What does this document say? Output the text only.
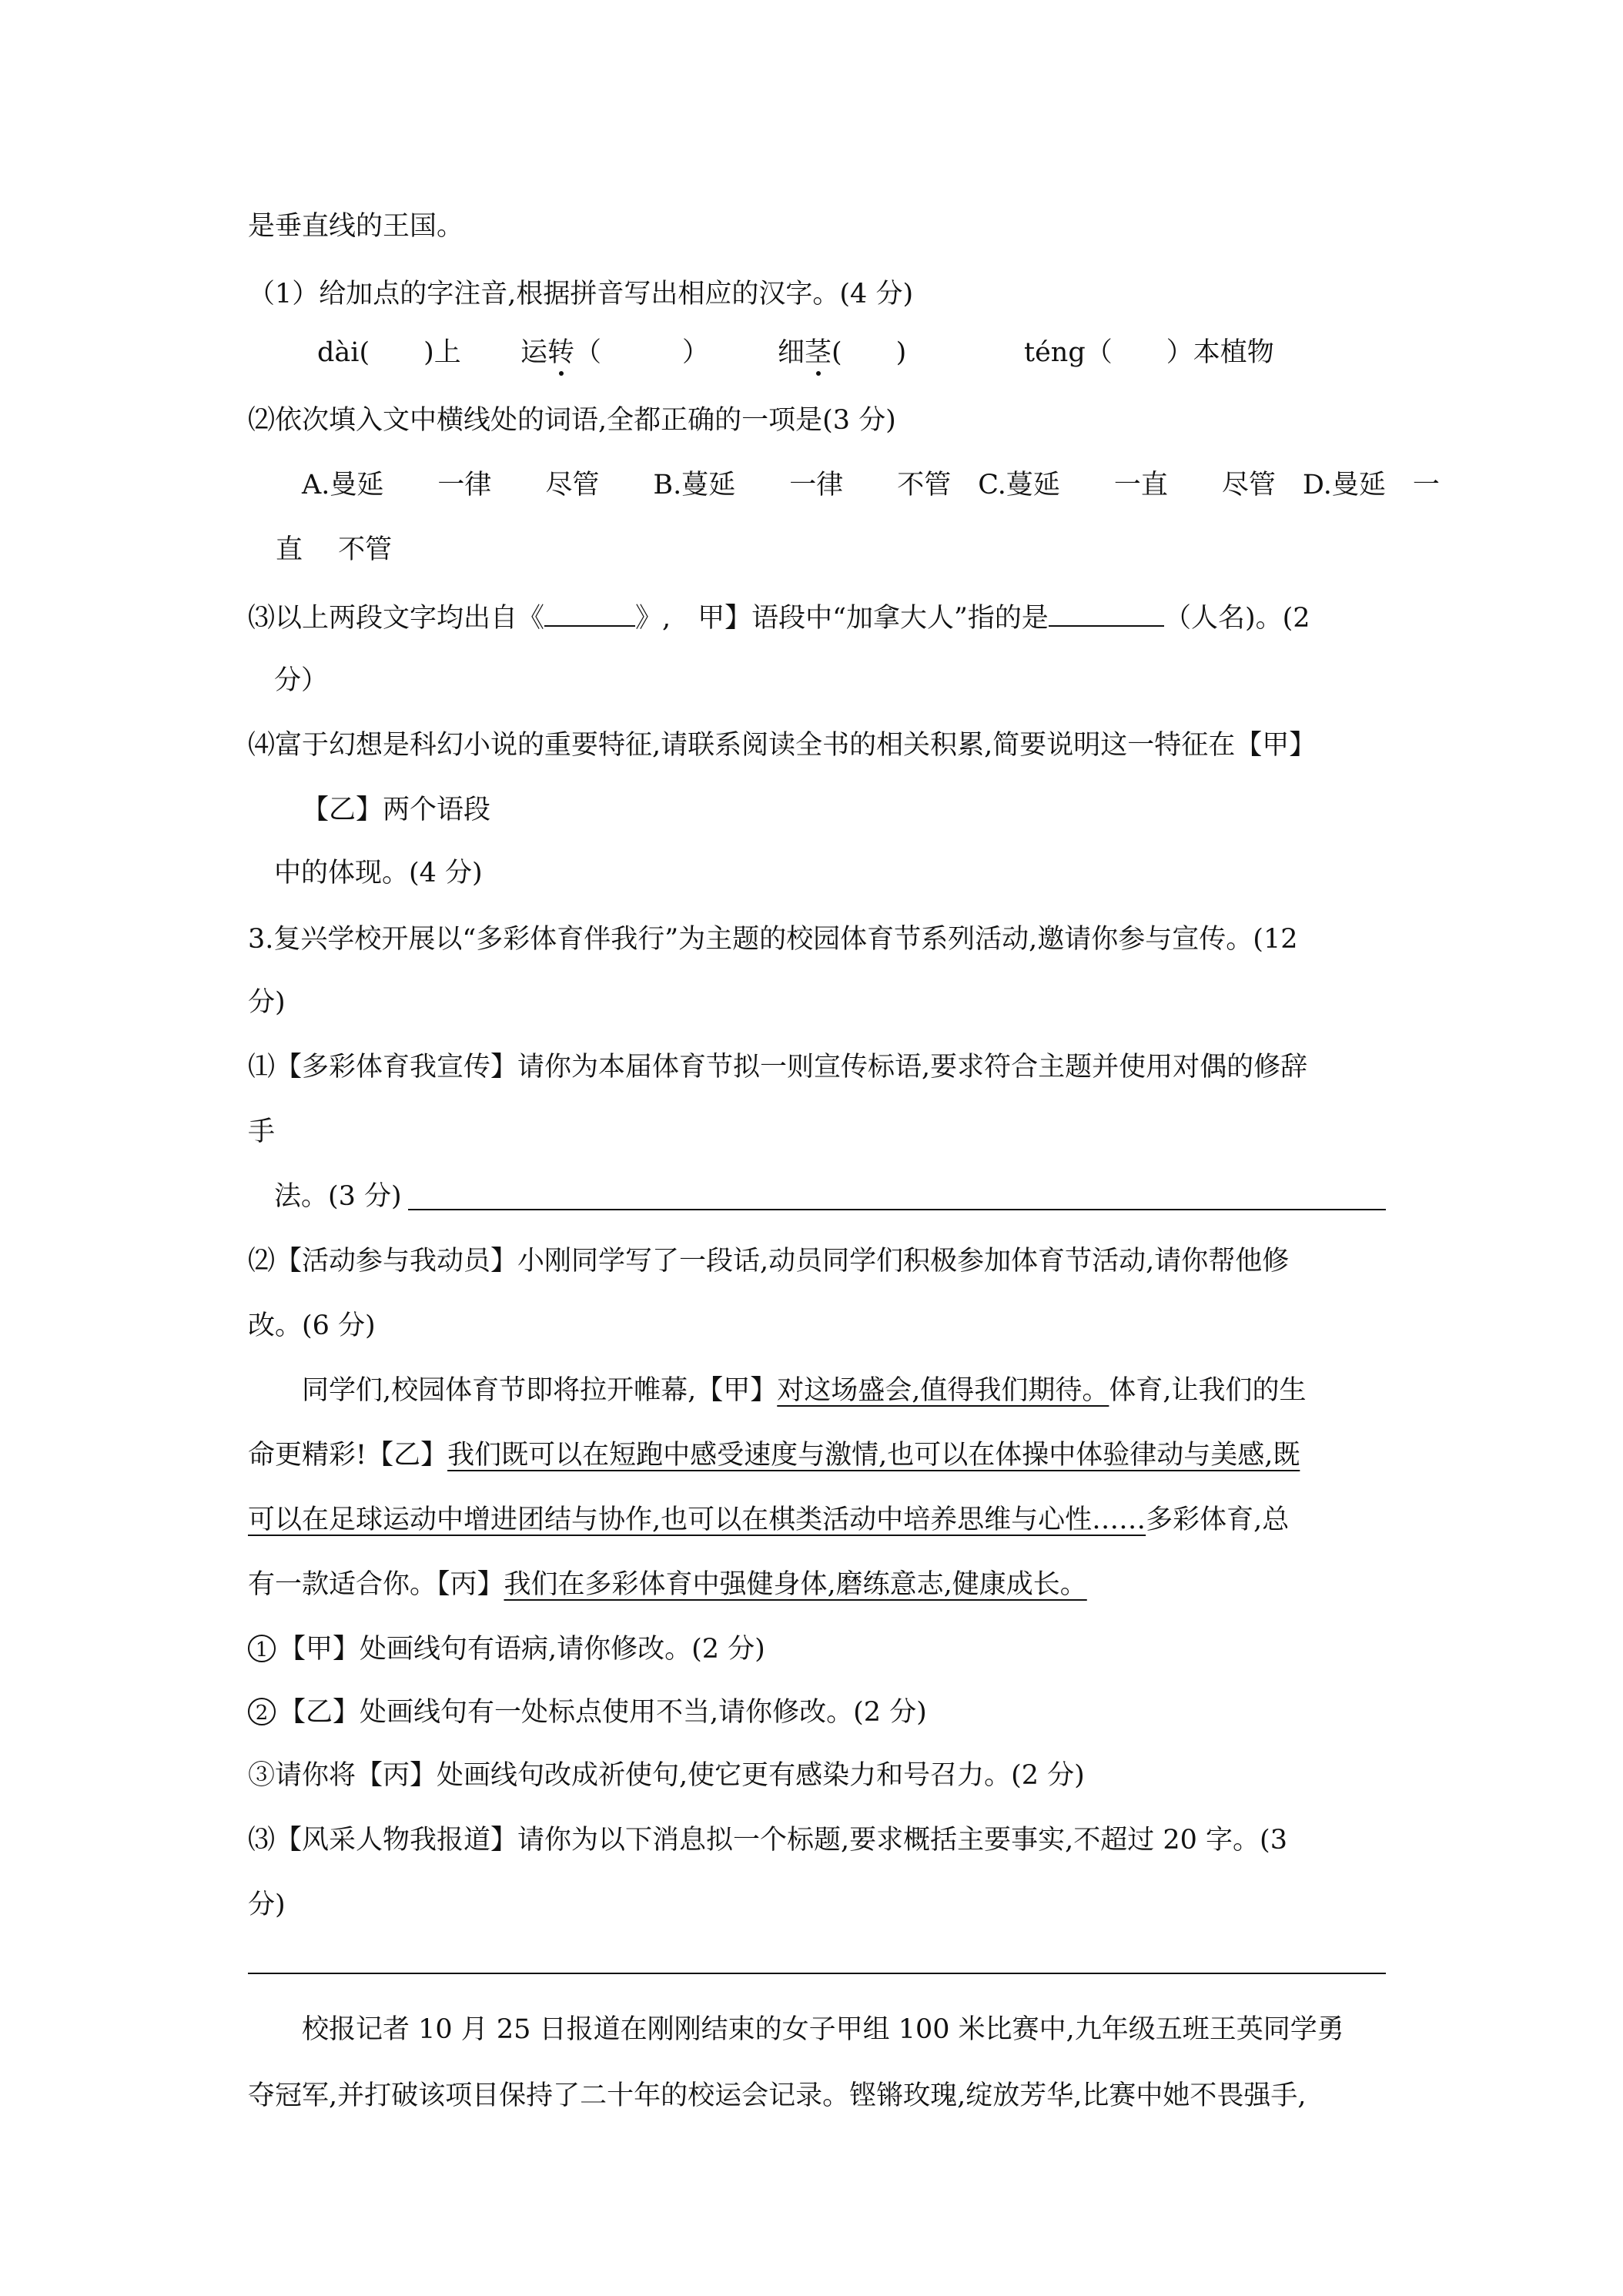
是垂直线的王国。
（1）给加点的字注音,根据拼音写出相应的汉字。(4 分)
dài(　　)上 运转（　　　）	细茎(　　)	téng（　　）本植物
⑵依次填入文中横线处的词语,全都正确的一项是(3 分)
A.曼延　　一律　　尽管　　B.蔓延　　一律　　不管　C.蔓延　　一直　　尽管　D.曼延　一
直　 不管
⑶以上两段文字均出自《	》,　甲】语段中“加拿大人”指的是	（人名)。(2
分）
⑷富于幻想是科幻小说的重要特征,请联系阅读全书的相关积累,简要说明这一特征在【甲】
【乙】两个语段
中的体现。(4 分)
3.复兴学校开展以“多彩体育伴我行”为主题的校园体育节系列活动,邀请你参与宣传。(12
分)
⑴【多彩体育我宣传】请你为本届体育节拟一则宣传标语,要求符合主题并使用对偶的修辞
手
法。(3 分)
⑵【活动参与我动员】小刚同学写了一段话,动员同学们积极参加体育节活动,请你帮他修
改。(6 分)
同学们,校园体育节即将拉开帷幕,【甲】对这场盛会,值得我们期待。体育,让我们的生
命更精彩!【乙】我们既可以在短跑中感受速度与激情,也可以在体操中体验律动与美感,既
可以在足球运动中增进团结与协作,也可以在棋类活动中培养思维与心性……多彩体育,总
有一款适合你。【丙】我们在多彩体育中强健身体,磨练意志,健康成长。
1 【甲】处画线句有语病,请你修改。(2 分)
2 【乙】处画线句有一处标点使用不当,请你修改。(2 分)
③请你将【丙】处画线句改成祈使句,使它更有感染力和号召力。(2 分)
⑶【风采人物我报道】请你为以下消息拟一个标题,要求概括主要事实,不超过 20 字。(3
分)
校报记者 10 月 25 日报道在刚刚结束的女子甲组 100 米比赛中,九年级五班王英同学勇
夺冠军,并打破该项目保持了二十年的校运会记录。铿锵玫瑰,绽放芳华,比赛中她不畏强手,
